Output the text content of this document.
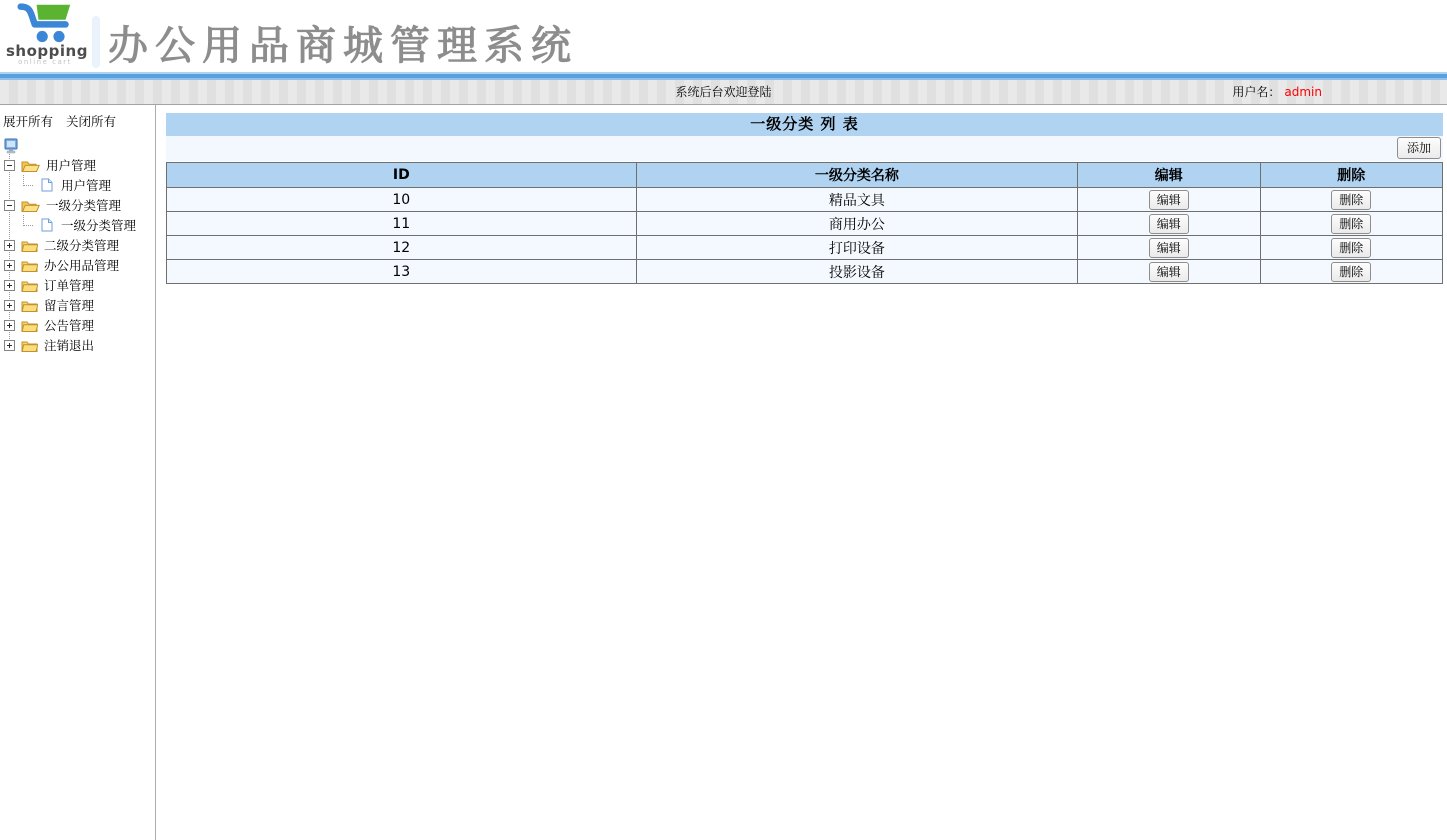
shopping
online cart 办公用品商城管理系统
系统后台欢迎登陆	用户名： admin
展开所有 关闭所有
用户管理
用户管理
一级分类管理
一级分类管理
二级分类管理
办公用品管理
订单管理
留言管理
公告管理
注销退出
一级分类 列 表
添加
ID	一级分类名称	编辑	删除
10	精品文具	编辑	删除
11	商用办公	编辑	删除
12	打印设备	编辑	删除
13	投影设备	编辑	删除
